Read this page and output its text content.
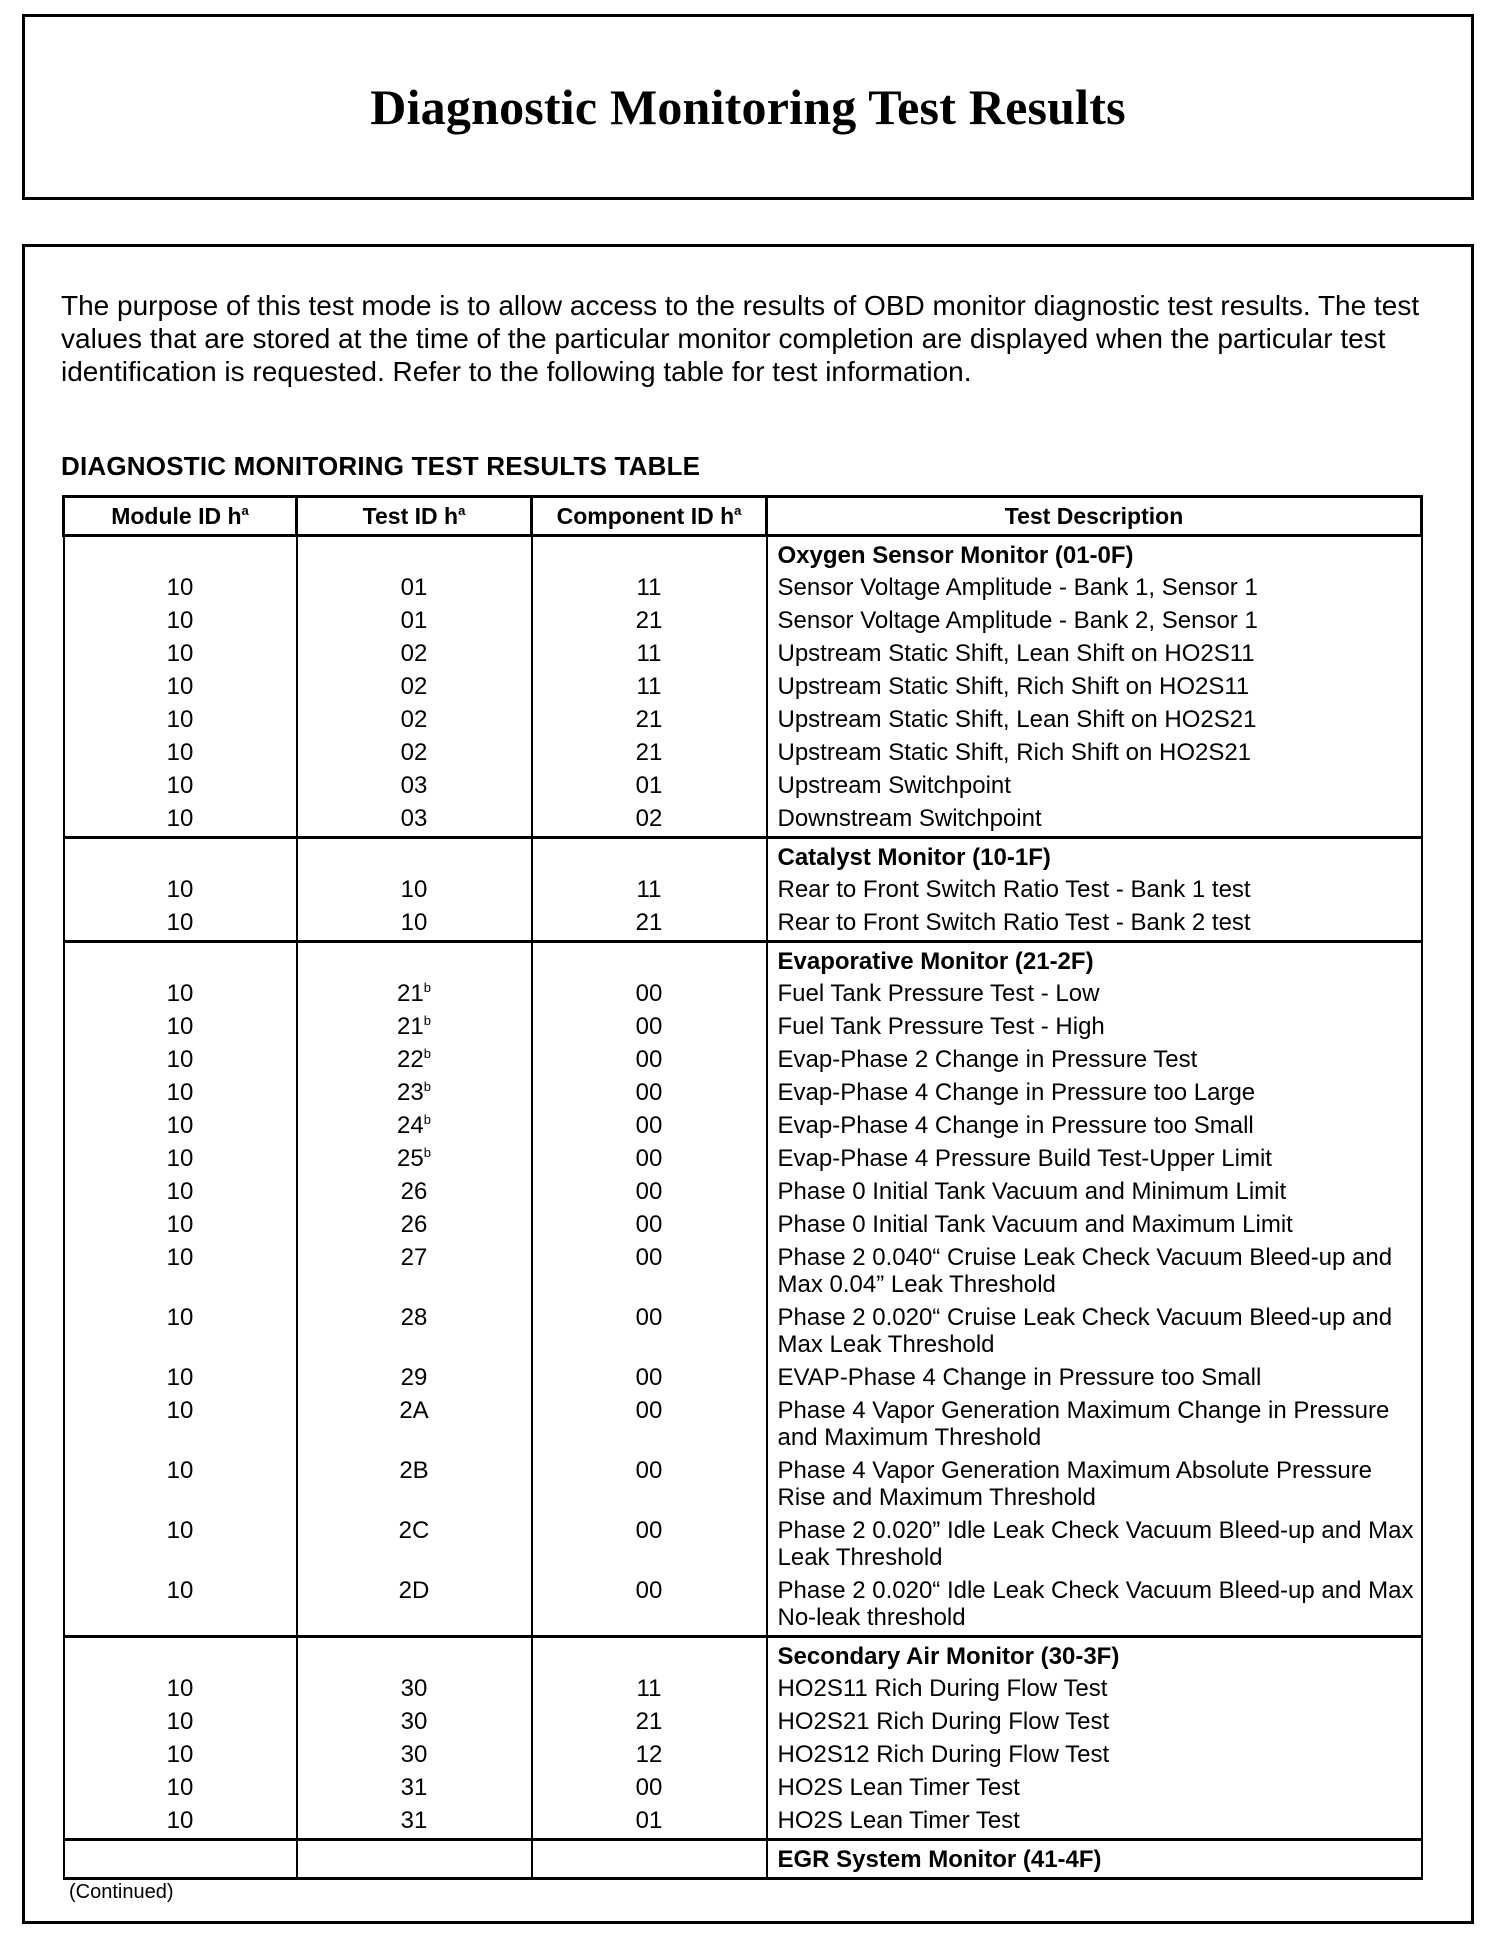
Diagnostic Monitoring Test Results

The purpose of this test mode is to allow access to the results of OBD monitor diagnostic test results. The test values that are stored at the time of the particular monitor completion are displayed when the particular test identification is requested. Refer to the following table for test information.

DIAGNOSTIC MONITORING TEST RESULTS TABLE

Module ID $h^a$	Test ID $h^a$	Component ID $h^a$	Test Description
			Oxygen Sensor Monitor (01-0F)
10	01	11	Sensor Voltage Amplitude - Bank 1, Sensor 1
10	01	21	Sensor Voltage Amplitude - Bank 2, Sensor 1
10	02	11	Upstream Static Shift, Lean Shift on HO2S11
10	02	11	Upstream Static Shift, Rich Shift on HO2S11
10	02	21	Upstream Static Shift, Lean Shift on HO2S21
10	02	21	Upstream Static Shift, Rich Shift on HO2S21
10	03	01	Upstream Switchpoint
10	03	02	Downstream Switchpoint
			Catalyst Monitor (10-1F)
10	10	11	Rear to Front Switch Ratio Test - Bank 1 test
10	10	21	Rear to Front Switch Ratio Test - Bank 2 test
			Evaporative Monitor (21-2F)
10	21$^b$	00	Fuel Tank Pressure Test - Low
10	21$^b$	00	Fuel Tank Pressure Test - High
10	22$^b$	00	Evap-Phase 2 Change in Pressure Test
10	23$^b$	00	Evap-Phase 4 Change in Pressure too Large
10	24$^b$	00	Evap-Phase 4 Change in Pressure too Small
10	25$^b$	00	Evap-Phase 4 Pressure Build Test-Upper Limit
10	26	00	Phase 0 Initial Tank Vacuum and Minimum Limit
10	26	00	Phase 0 Initial Tank Vacuum and Maximum Limit
10	27	00	Phase 2 0.040“ Cruise Leak Check Vacuum Bleed-up and Max 0.04” Leak Threshold
10	28	00	Phase 2 0.020“ Cruise Leak Check Vacuum Bleed-up and Max Leak Threshold
10	29	00	EVAP-Phase 4 Change in Pressure too Small
10	2A	00	Phase 4 Vapor Generation Maximum Change in Pressure and Maximum Threshold
10	2B	00	Phase 4 Vapor Generation Maximum Absolute Pressure Rise and Maximum Threshold
10	2C	00	Phase 2 0.020” Idle Leak Check Vacuum Bleed-up and Max Leak Threshold
10	2D	00	Phase 2 0.020“ Idle Leak Check Vacuum Bleed-up and Max No-leak threshold
			Secondary Air Monitor (30-3F)
10	30	11	HO2S11 Rich During Flow Test
10	30	21	HO2S21 Rich During Flow Test
10	30	12	HO2S12 Rich During Flow Test
10	31	00	HO2S Lean Timer Test
10	31	01	HO2S Lean Timer Test
			EGR System Monitor (41-4F)

(Continued)
